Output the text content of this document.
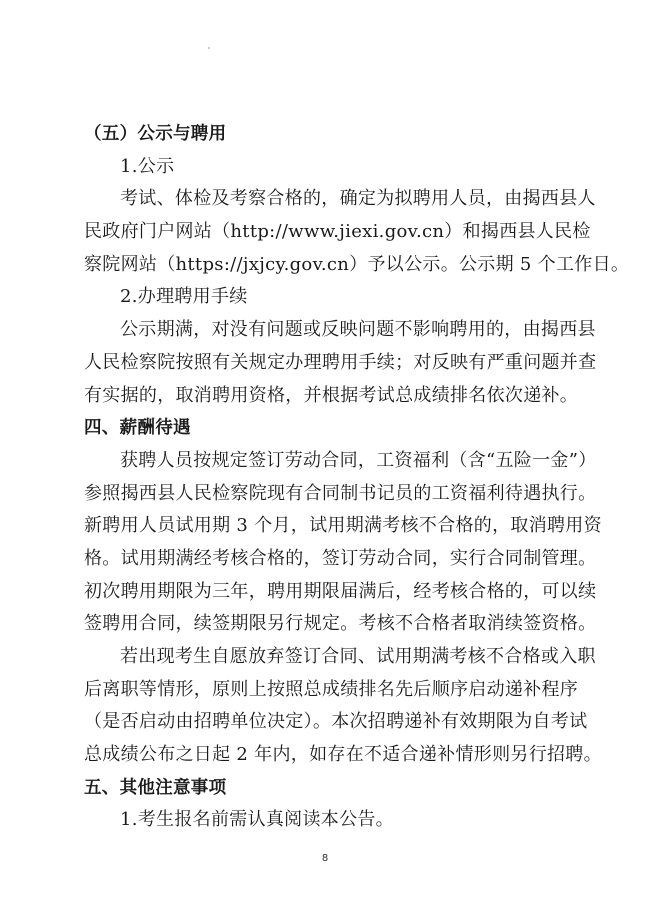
（五）公示与聘用
1.公示
考试、体检及考察合格的，确定为拟聘用人员，由揭西县人
民政府门户网站（http://www.jiexi.gov.cn）和揭西县人民检
察院网站（https://jxjcy.gov.cn）予以公示。公示期 5 个工作日。
2.办理聘用手续
公示期满，对没有问题或反映问题不影响聘用的，由揭西县
人民检察院按照有关规定办理聘用手续；对反映有严重问题并查
有实据的，取消聘用资格，并根据考试总成绩排名依次递补。
四、薪酬待遇
获聘人员按规定签订劳动合同，工资福利（含“五险一金”）
参照揭西县人民检察院现有合同制书记员的工资福利待遇执行。
新聘用人员试用期 3 个月，试用期满考核不合格的，取消聘用资
格。试用期满经考核合格的，签订劳动合同，实行合同制管理。
初次聘用期限为三年，聘用期限届满后，经考核合格的，可以续
签聘用合同，续签期限另行规定。考核不合格者取消续签资格。
若出现考生自愿放弃签订合同、试用期满考核不合格或入职
后离职等情形，原则上按照总成绩排名先后顺序启动递补程序
（是否启动由招聘单位决定）。本次招聘递补有效期限为自考试
总成绩公布之日起 2 年内，如存在不适合递补情形则另行招聘。
五、其他注意事项
1.考生报名前需认真阅读本公告。
8
